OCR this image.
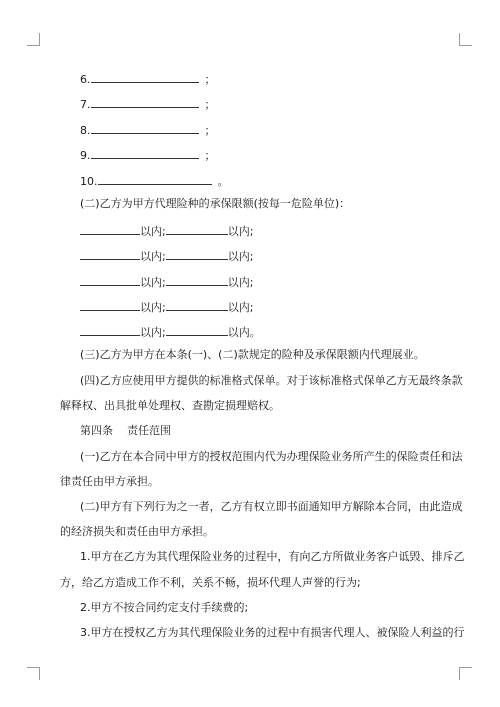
6.	；
7.	；
8.	；
9.	；
10.	。
(二)乙方为甲方代理险种的承保限额(按每一危险单位)：
以内;	以内;
以内;	以内;
以内;	以内;
以内;	以内;
以内;	以内。
(三)乙方为甲方在本条(一)、(二)款规定的险种及承保限额内代理展业。
(四)乙方应使用甲方提供的标准格式保单。对于该标准格式保单乙方无最终条款
解释权、出具批单处理权、查勘定损理赔权。
第四条 责任范围
(一)乙方在本合同中甲方的授权范围内代为办理保险业务所产生的保险责任和法
律责任由甲方承担。
(二)甲方有下列行为之一者，乙方有权立即书面通知甲方解除本合同，由此造成
的经济损失和责任由甲方承担。
1.甲方在乙方为其代理保险业务的过程中，有向乙方所做业务客户诋毁、排斥乙
方，给乙方造成工作不利，关系不畅，损坏代理人声誉的行为;
2.甲方不按合同约定支付手续费的;
3.甲方在授权乙方为其代理保险业务的过程中有损害代理人、被保险人利益的行
